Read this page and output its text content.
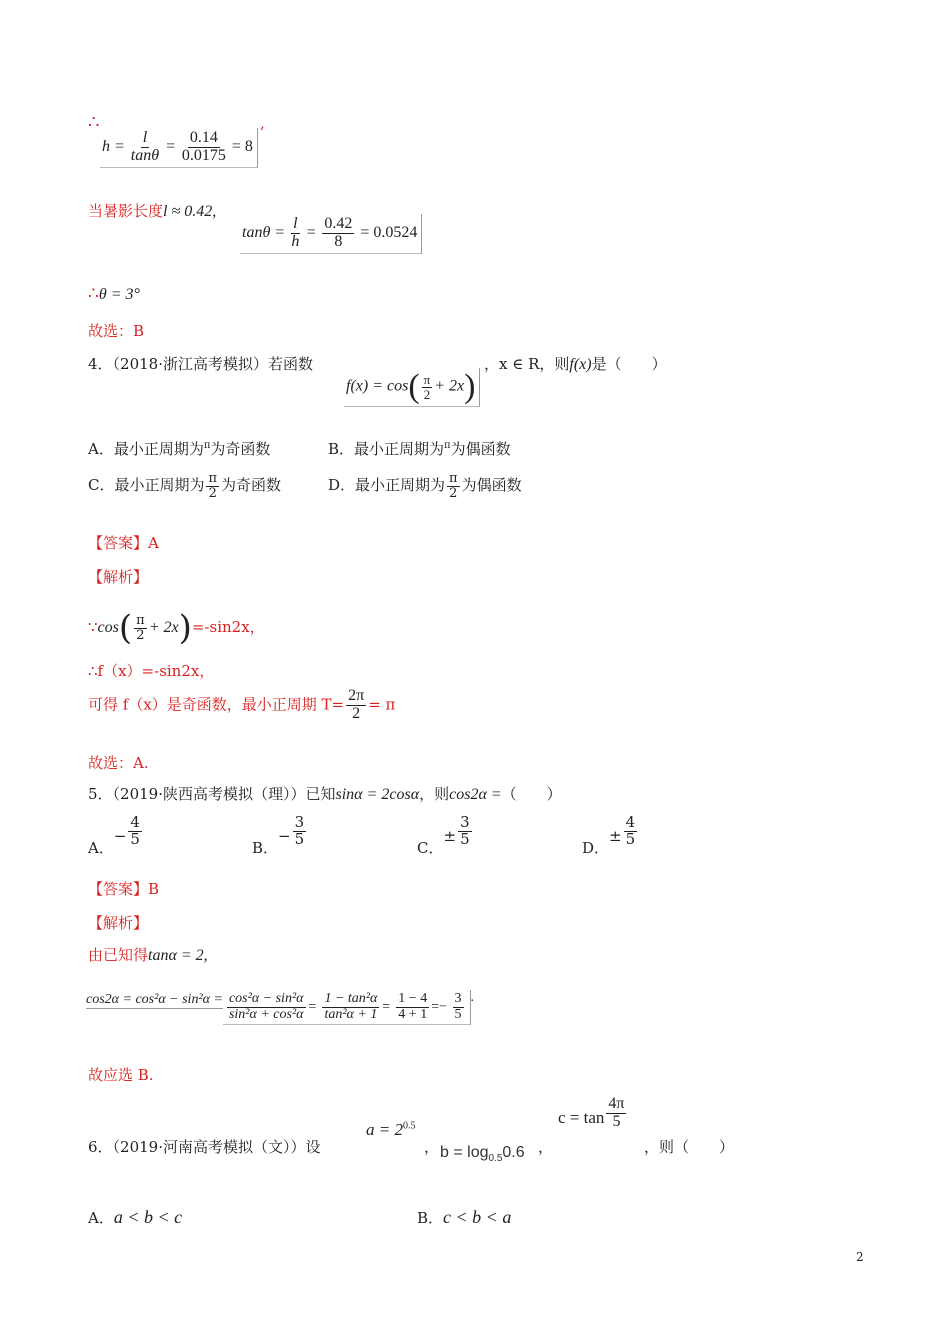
∴
$h = \frac{l}{\tan\theta} = \frac{0.14}{0.0175} = 8$
,
当暑影长度l ≈ 0.42,
$\tan\theta = \frac{l}{h} = \frac{0.42}{8} = 0.0524$
∴θ = 3°
故选：B
4．（2018·浙江高考模拟）若函数
$f(x) = \cos( \frac{\pi}{2} + 2x)$
，x ∈ R，则f(x)是（　　）
A．最小正周期为$^\pi$为奇函数	B．最小正周期为$^\pi$为偶函数
C．最小正周期为 $\frac{\pi}{2}$ 为奇函数	D．最小正周期为 $\frac{\pi}{2}$ 为偶函数
【答案】A
【解析】
∵cos( $\frac{\pi}{2} + 2x)=-\sin 2x$，
∴f（x）=-sin2x，
可得 f（x）是奇函数，最小正周期 $T= \frac{2\pi}{2} = \pi$
故选：A.
5．（2019·陕西高考模拟（理））已知sinα = 2cosα，则cos2α =（　　）
A．− $\frac{4}{5}$
B．− $\frac{3}{5}$
C．± $\frac{3}{5}$
D．± $\frac{4}{5}$
【答案】B
【解析】
由已知得tanα = 2,
$\cos 2\alpha = \cos^2\alpha - \sin^2\alpha = \frac{\text{cos²α − sin²α}}{\text{sin²α + cos²α}} = \frac{\text{1 − tan²α}}{\text{tan²α + 1}} = \frac{1 - 4}{4 + 1} =- \frac{3}{5}$ .
故应选 B.
6．（2019·河南高考模拟（文））设
$a = 2^{0.5}$
， $b = \log_{0.5}0.6$ ，
$c = \tan \frac{4\pi}{5}$
，则（　　）
A．a < b < c	B．c < b < a
2
